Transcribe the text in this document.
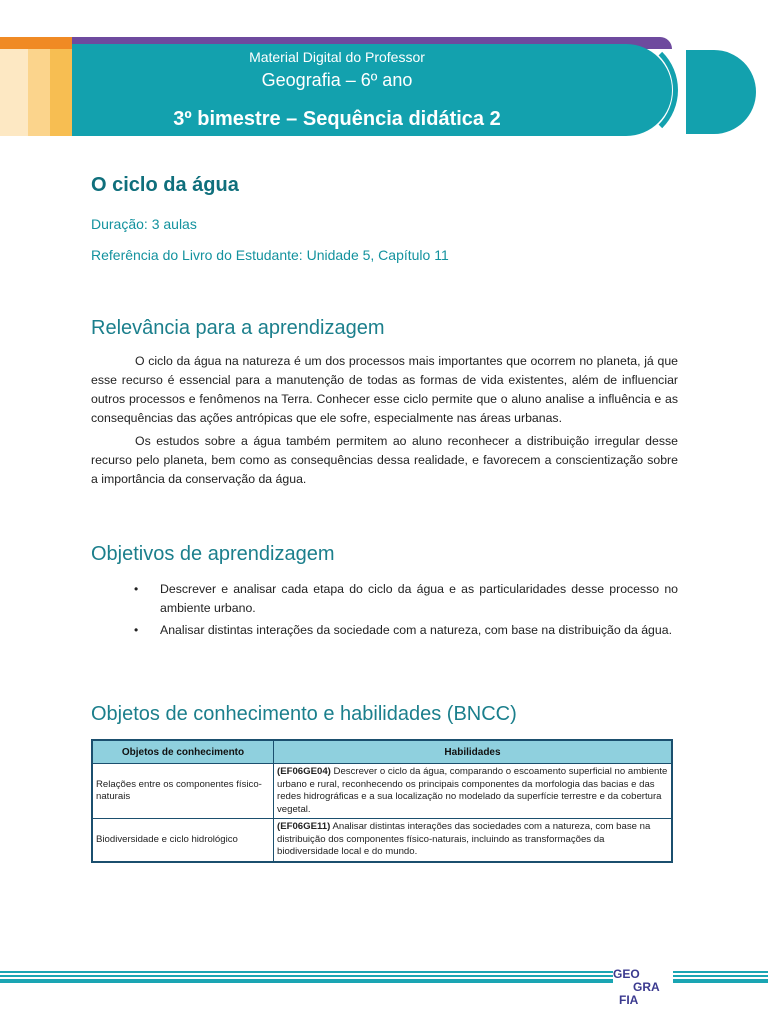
Material Digital do Professor
Geografia – 6º ano
3º bimestre – Sequência didática 2
O ciclo da água
Duração: 3 aulas
Referência do Livro do Estudante: Unidade 5, Capítulo 11
Relevância para a aprendizagem

O ciclo da água na natureza é um dos processos mais importantes que ocorrem no planeta, já que esse recurso é essencial para a manutenção de todas as formas de vida existentes, além de influenciar outros processos e fenômenos na Terra. Conhecer esse ciclo permite que o aluno analise a influência e as consequências das ações antrópicas que ele sofre, especialmente nas áreas urbanas.

Os estudos sobre a água também permitem ao aluno reconhecer a distribuição irregular desse recurso pelo planeta, bem como as consequências dessa realidade, e favorecem a conscientização sobre a importância da conservação da água.

Objetivos de aprendizagem
• Descrever e analisar cada etapa do ciclo da água e as particularidades desse processo no ambiente urbano.
• Analisar distintas interações da sociedade com a natureza, com base na distribuição da água.
Objetos de conhecimento e habilidades (BNCC)
Objetos de conhecimento	Habilidades
Relações entre os componentes físico-naturais	(EF06GE04) Descrever o ciclo da água, comparando o escoamento superficial no ambiente urbano e rural, reconhecendo os principais componentes da morfologia das bacias e das redes hidrográficas e a sua localização no modelado da superfície terrestre e da cobertura vegetal.
Biodiversidade e ciclo hidrológico	(EF06GE11) Analisar distintas interações das sociedades com a natureza, com base na distribuição dos componentes físico-naturais, incluindo as transformações da biodiversidade local e do mundo.
GEO
GRA
FIA
